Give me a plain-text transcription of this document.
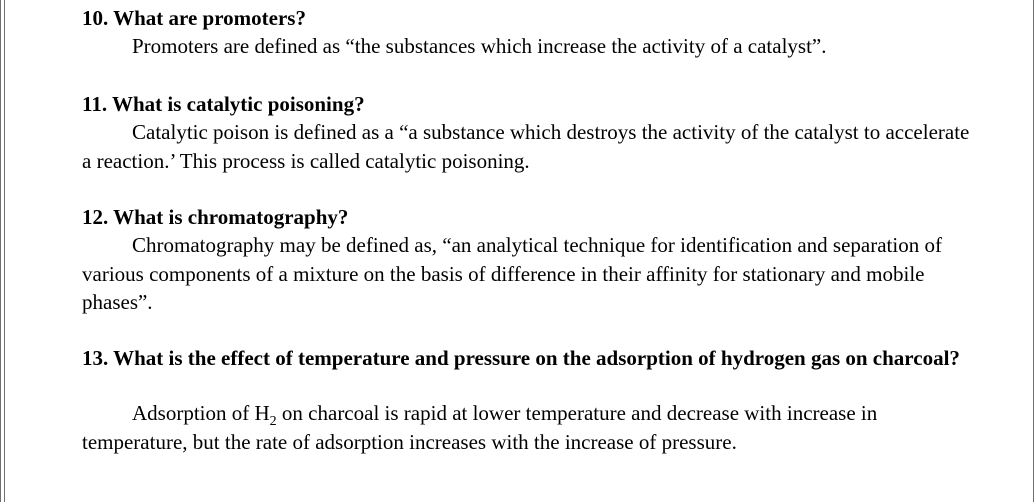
10. What are promoters?

Promoters are defined as “the substances which increase the activity of a catalyst”.

11. What is catalytic poisoning?

Catalytic poison is defined as a “a substance which destroys the activity of the catalyst to accelerate a reaction.’ This process is called catalytic poisoning.

12. What is chromatography?

Chromatography may be defined as, “an analytical technique for identification and separation of various components of a mixture on the basis of difference in their affinity for stationary and mobile phases”.

13. What is the effect of temperature and pressure on the adsorption of hydrogen gas on charcoal?

Adsorption of $H_2$ on charcoal is rapid at lower temperature and decrease with increase in temperature, but the rate of adsorption increases with the increase of pressure.
